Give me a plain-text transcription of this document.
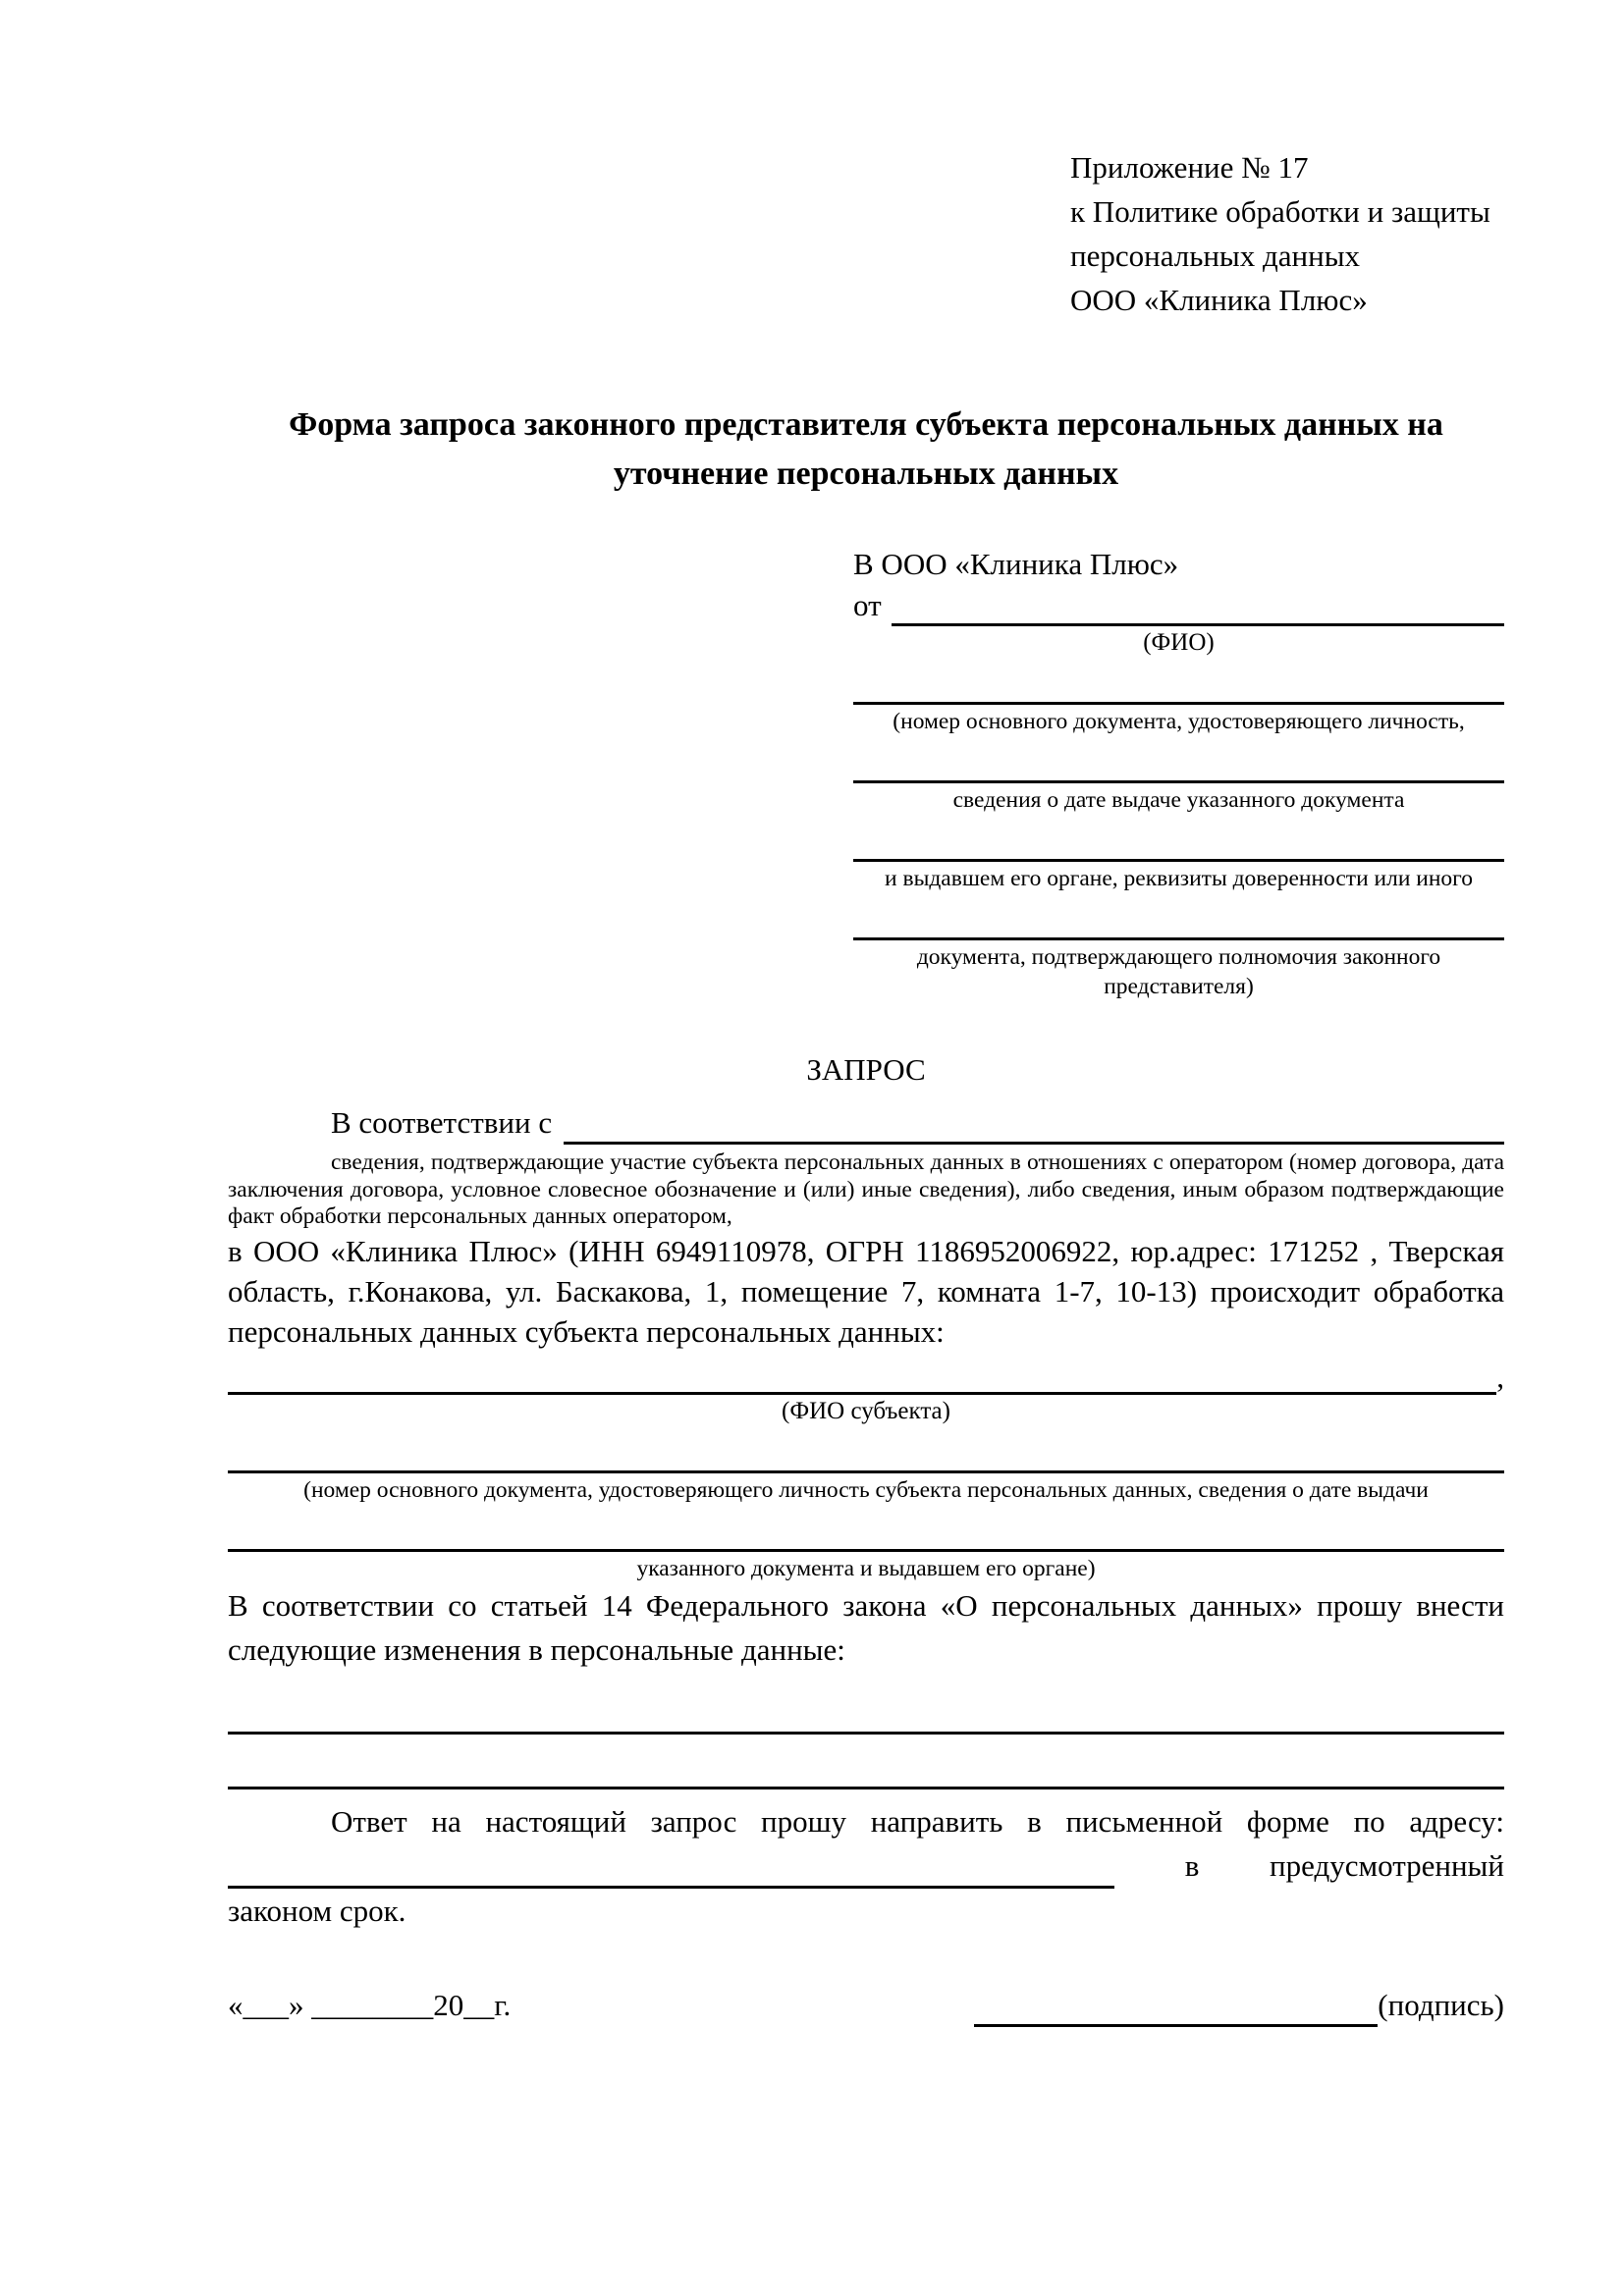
Приложение № 17
к Политике обработки и защиты
персональных данных
ООО «Клиника Плюс»
Форма запроса законного представителя субъекта персональных данных на уточнение персональных данных
В ООО «Клиника Плюс»
от
(ФИО)
(номер основного документа, удостоверяющего личность,
сведения о дате выдаче указанного документа
и выдавшем его органе, реквизиты доверенности или иного
документа, подтверждающего полномочия законного представителя)
ЗАПРОС
В соответствии с
сведения, подтверждающие участие субъекта персональных данных в отношениях с оператором (номер договора, дата заключения договора, условное словесное обозначение и (или) иные сведения), либо сведения, иным образом подтверждающие факт обработки персональных данных оператором,
в ООО «Клиника Плюс» (ИНН 6949110978, ОГРН 1186952006922, юр.адрес: 171252 , Тверская область, г.Конакова, ул. Баскакова, 1, помещение 7, комната 1-7, 10-13) происходит обработка персональных данных субъекта персональных данных:
,
(ФИО субъекта)
(номер основного документа, удостоверяющего личность субъекта персональных данных, сведения о дате выдачи
указанного документа и выдавшем его органе)
В соответствии со статьей 14 Федерального закона «О персональных данных» прошу внести следующие изменения в персональные данные:
Ответ на настоящий запрос прошу направить в письменной форме по адресу:
в предусмотренный
законом срок.
«___» ________20__г.	(подпись)
